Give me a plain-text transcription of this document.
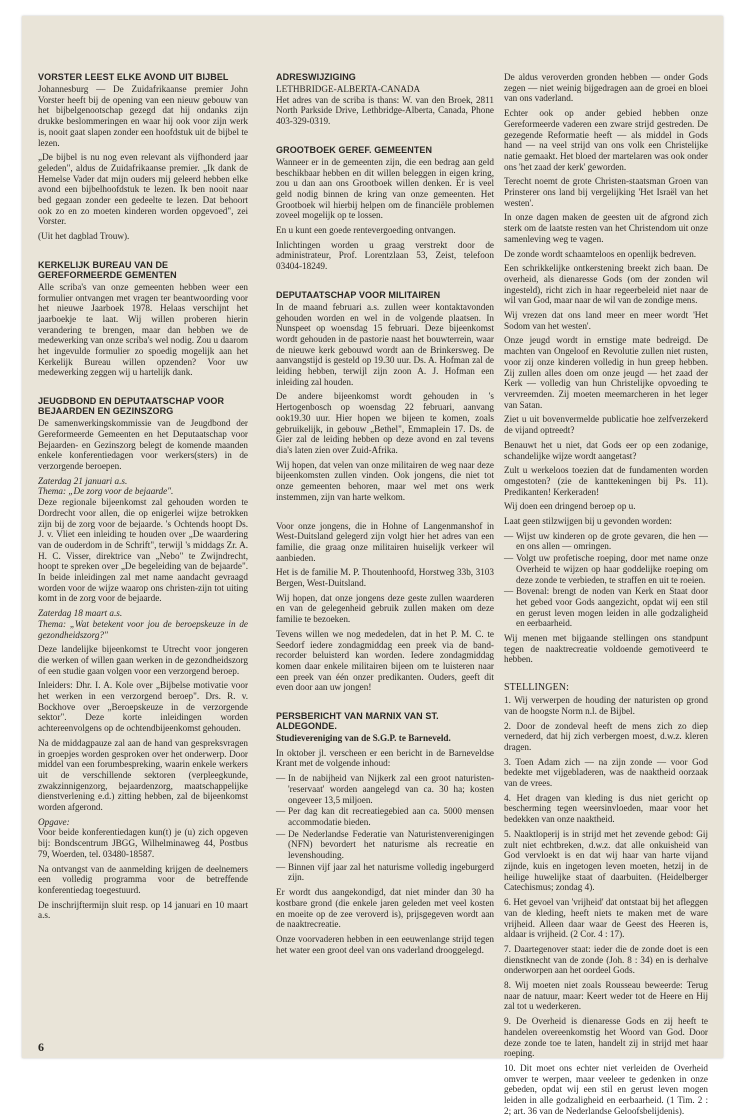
VORSTER LEEST ELKE AVOND UIT BIJBEL

Johannesburg — De Zuidafrikaanse premier John Vorster heeft bij de opening van een nieuw gebouw van het bijbelgenootschap gezegd dat hij ondanks zijn drukke beslommeringen en waar hij ook voor zijn werk is, nooit gaat slapen zonder een hoofdstuk uit de bijbel te lezen.

„De bijbel is nu nog even relevant als vijfhonderd jaar geleden", aldus de Zuidafrikaanse premier. „Ik dank de Hemelse Vader dat mijn ouders mij geleerd hebben elke avond een bijbelhoofdstuk te lezen. Ik ben nooit naar bed gegaan zonder een gedeelte te lezen. Dat behoort ook zo en zo moeten kinderen worden opgevoed", zei Vorster.

(Uit het dagblad Trouw).

KERKELIJK BUREAU VAN DE GEREFORMEERDE GEMENTEN

Alle scriba's van onze gemeenten hebben weer een formulier ontvangen met vragen ter beantwoording voor het nieuwe Jaarboek 1978. Helaas verschijnt het jaarboekje te laat. Wij willen proberen hierin verandering te brengen, maar dan hebben we de medewerking van onze scriba's wel nodig. Zou u daarom het ingevulde formulier zo spoedig mogelijk aan het Kerkelijk Bureau willen opzenden? Voor uw medewerking zeggen wij u hartelijk dank.

JEUGDBOND EN DEPUTAATSCHAP VOOR BEJAARDEN EN GEZINSZORG

De samenwerkingskommissie van de Jeugdbond der Gereformeerde Gemeenten en het Deputaatschap voor Bejaarden- en Gezinszorg belegt de komende maanden enkele konferentiedagen voor werkers(sters) in de verzorgende beroepen.

Zaterdag 21 januari a.s.
Thema: „De zorg voor de bejaarde".

Deze regionale bijeenkomst zal gehouden worden te Dordrecht voor allen, die op enigerlei wijze betrokken zijn bij de zorg voor de bejaarde. 's Ochtends hoopt Ds. J. v. Vliet een inleiding te houden over „De waardering van de ouderdom in de Schrift", terwijl 's middags Zr. A. H. C. Visser, direktrice van „Nebo" te Zwijndrecht, hoopt te spreken over „De begeleiding van de bejaarde". In beide inleidingen zal met name aandacht gevraagd worden voor de wijze waarop ons christen-zijn tot uiting komt in de zorg voor de bejaarde.

Zaterdag 18 maart a.s.

Thema: „Wat betekent voor jou de beroepskeuze in de gezondheidszorg?"

Deze landelijke bijeenkomst te Utrecht voor jongeren die werken of willen gaan werken in de gezondheidszorg of een studie gaan volgen voor een verzorgend beroep.

Inleiders: Dhr. I. A. Kole over „Bijbelse motivatie voor het werken in een verzorgend beroep". Drs. R. v. Bockhove over „Beroepskeuze in de verzorgende sektor". Deze korte inleidingen worden achtereenvolgens op de ochtendbijeenkomst gehouden.

Na de middagpauze zal aan de hand van gespreksvragen in groepjes worden gesproken over het onderwerp. Door middel van een forumbespreking, waarin enkele werkers uit de verschillende sektoren (verpleegkunde, zwakzinnigenzorg, bejaardenzorg, maatschappelijke dienstverlening e.d.) zitting hebben, zal de bijeenkomst worden afgerond.

Opgave:

Voor beide konferentiedagen kun(t) je (u) zich opgeven bij: Bondscentrum JBGG, Wilhelminaweg 44, Postbus 79, Woerden, tel. 03480-18587.

Na ontvangst van de aanmelding krijgen de deelnemers een volledig programma voor de betreffende konferentiedag toegestuurd.

De inschrijftermijn sluit resp. op 14 januari en 10 maart a.s.

ADRESWIJZIGING
LETHBRIDGE-ALBERTA-CANADA

Het adres van de scriba is thans: W. van den Broek, 2811 North Parkside Drive, Lethbridge-Alberta, Canada, Phone 403-329-0319.

GROOTBOEK GEREF. GEMEENTEN

Wanneer er in de gemeenten zijn, die een bedrag aan geld beschikbaar hebben en dit willen beleggen in eigen kring, zou u dan aan ons Grootboek willen denken. Er is veel geld nodig binnen de kring van onze gemeenten. Het Grootboek wil hierbij helpen om de financiële problemen zoveel mogelijk op te lossen.

En u kunt een goede rentevergoeding ontvangen.

Inlichtingen worden u graag verstrekt door de administrateur, Prof. Lorentzlaan 53, Zeist, telefoon 03404-18249.

DEPUTAATSCHAP VOOR MILITAIREN

In de maand februari a.s. zullen weer kontaktavonden gehouden worden en wel in de volgende plaatsen. In Nunspeet op woensdag 15 februari. Deze bijeenkomst wordt gehouden in de pastorie naast het bouwterrein, waar de nieuwe kerk gebouwd wordt aan de Brinkersweg. De aanvangstijd is gesteld op 19.30 uur. Ds. A. Hofman zal de leiding hebben, terwijl zijn zoon A. J. Hofman een inleiding zal houden.

De andere bijeenkomst wordt gehouden in 's Hertogenbosch op woensdag 22 februari, aanvang ook19.30 uur. Hier hopen we bijeen te komen, zoals gebruikelijk, in gebouw „Bethel", Emmaplein 17. Ds. de Gier zal de leiding hebben op deze avond en zal tevens dia's laten zien over Zuid-Afrika.

Wij hopen, dat velen van onze militairen de weg naar deze bijeenkomsten zullen vinden. Ook jongens, die niet tot onze gemeenten behoren, maar wel met ons werk instemmen, zijn van harte welkom.

Voor onze jongens, die in Hohne of Langenmanshof in West-Duitsland gelegerd zijn volgt hier het adres van een familie, die graag onze militairen huiselijk verkeer wil aanbieden.

Het is de familie M. P. Thoutenhoofd, Horstweg 33b, 3103 Bergen, West-Duitsland.

Wij hopen, dat onze jongens deze geste zullen waarderen en van de gelegenheid gebruik zullen maken om deze familie te bezoeken.

Tevens willen we nog mededelen, dat in het P. M. C. te Seedorf iedere zondagmiddag een preek via de band-recorder beluisterd kan worden. Iedere zondagmiddag komen daar enkele militairen bijeen om te luisteren naar een preek van één onzer predikanten. Ouders, geeft dit even door aan uw jongen!

PERSBERICHT VAN MARNIX VAN ST. ALDEGONDE.

Studievereniging van de S.G.P. te Barneveld.

In oktober jl. verscheen er een bericht in de Barneveldse Krant met de volgende inhoud:

— In de nabijheid van Nijkerk zal een groot naturisten-'reservaat' worden aangelegd van ca. 30 ha; kosten ongeveer 13,5 miljoen.
— Per dag kan dit recreatiegebied aan ca. 5000 mensen accommodatie bieden.
— De Nederlandse Federatie van Naturistenverenigingen (NFN) bevordert het naturisme als recreatie en levenshouding.
— Binnen vijf jaar zal het naturisme volledig ingeburgerd zijn.

Er wordt dus aangekondigd, dat niet minder dan 30 ha kostbare grond (die enkele jaren geleden met veel kosten en moeite op de zee veroverd is), prijsgegeven wordt aan de naaktrecreatie.

Onze voorvaderen hebben in een eeuwenlange strijd tegen het water een groot deel van ons vaderland drooggelegd.

De aldus veroverden gronden hebben — onder Gods zegen — niet weinig bijgedragen aan de groei en bloei van ons vaderland.

Echter ook op ander gebied hebben onze Gereformeerde vaderen een zware strijd gestreden. De gezegende Reformatie heeft — als middel in Gods hand — na veel strijd van ons volk een Christelijke natie gemaakt. Het bloed der martelaren was ook onder ons 'het zaad der kerk' geworden.

Terecht noemt de grote Christen-staatsman Groen van Prinsterer ons land bij vergelijking 'Het Israël van het westen'.

In onze dagen maken de geesten uit de afgrond zich sterk om de laatste resten van het Christendom uit onze samenleving weg te vagen.

De zonde wordt schaamteloos en openlijk bedreven.

Een schrikkelijke ontkerstening breekt zich baan. De overheid, als dienaresse Gods (om der zonden wil ingesteld), richt zich in haar regeerbeleid niet naar de wil van God, maar naar de wil van de zondige mens.

Wij vrezen dat ons land meer en meer wordt 'Het Sodom van het westen'.

Onze jeugd wordt in ernstige mate bedreigd. De machten van Ongeloof en Revolutie zullen niet rusten, voor zij onze kinderen volledig in hun greep hebben. Zij zullen alles doen om onze jeugd — het zaad der Kerk — volledig van hun Christelijke opvoeding te vervreemden. Zij moeten meemarcheren in het leger van Satan.

Ziet u uit bovenvermelde publicatie hoe zelfverzekerd de vijand optreedt?

Benauwt het u niet, dat Gods eer op een zodanige, schandelijke wijze wordt aangetast?

Zult u werkeloos toezien dat de fundamenten worden omgestoten? (zie de kanttekeningen bij Ps. 11). Predikanten! Kerkeraden!

Wij doen een dringend beroep op u.

Laat geen stilzwijgen bij u gevonden worden:

— Wijst uw kinderen op de grote gevaren, die hen — en ons allen — omringen.
— Volgt uw profetische roeping, door met name onze Overheid te wijzen op haar goddelijke roeping om deze zonde te verbieden, te straffen en uit te roeien.
— Bovenal: brengt de noden van Kerk en Staat door het gebed voor Gods aangezicht, opdat wij een stil en gerust leven mogen leiden in alle godzaligheid en eerbaarheid.

Wij menen met bijgaande stellingen ons standpunt tegen de naaktrecreatie voldoende gemotiveerd te hebben.

STELLINGEN:

1. Wij verwerpen de houding der naturisten op grond van de hoogste Norm n.l. de Bijbel.

2. Door de zondeval heeft de mens zich zo diep vernederd, dat hij zich verbergen moest, d.w.z. kleren dragen.

3. Toen Adam zich — na zijn zonde — voor God bedekte met vijgebladeren, was de naaktheid oorzaak van de vrees.

4. Het dragen van kleding is dus niet gericht op bescherming tegen weersinvloeden, maar voor het bedekken van onze naaktheid.

5. Naaktloperij is in strijd met het zevende gebod: Gij zult niet echtbreken, d.w.z. dat alle onkuisheid van God vervloekt is en dat wij haar van harte vijand zijnde, kuis en ingetogen leven moeten, hetzij in de heilige huwelijke staat of daarbuiten. (Heidelberger Catechismus; zondag 4).

6. Het gevoel van 'vrijheid' dat ontstaat bij het afleggen van de kleding, heeft niets te maken met de ware vrijheid. Alleen daar waar de Geest des Heeren is, aldaar is vrijheid. (2 Cor. 4 : 17).

7. Daartegenover staat: ieder die de zonde doet is een dienstknecht van de zonde (Joh. 8 : 34) en is derhalve onderworpen aan het oordeel Gods.

8. Wij moeten niet zoals Rousseau beweerde: Terug naar de natuur, maar: Keert weder tot de Heere en Hij zal tot u wederkeren.

9. De Overheid is dienaresse Gods en zij heeft te handelen overeenkomstig het Woord van God. Door deze zonde toe te laten, handelt zij in strijd met haar roeping.

10. Dit moet ons echter niet verleiden de Overheid omver te werpen, maar veeleer te gedenken in onze gebeden, opdat wij een stil en gerust leven mogen leiden in alle godzaligheid en eerbaarheid. (1 Tim. 2 : 2; art. 36 van de Nederlandse Geloofsbelijdenis).

6
